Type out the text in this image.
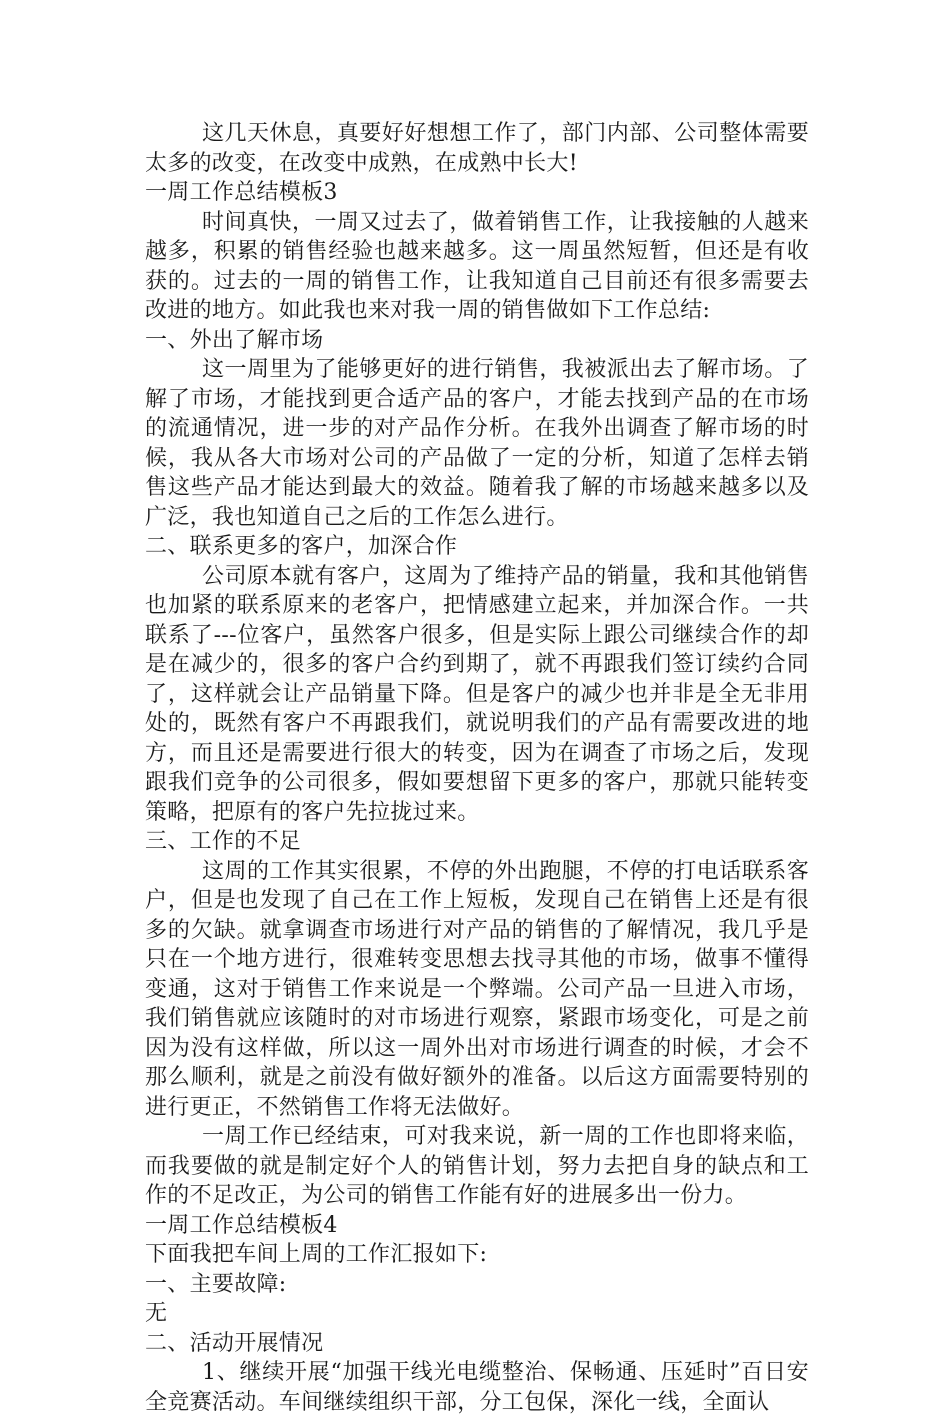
这几天休息，真要好好想想工作了，部门内部、公司整体需要太多的改变，在改变中成熟，在成熟中长大!

一周工作总结模板3

时间真快，一周又过去了，做着销售工作，让我接触的人越来越多，积累的销售经验也越来越多。这一周虽然短暂，但还是有收获的。过去的一周的销售工作，让我知道自己目前还有很多需要去改进的地方。如此我也来对我一周的销售做如下工作总结:

一、外出了解市场

这一周里为了能够更好的进行销售，我被派出去了解市场。了解了市场，才能找到更合适产品的客户，才能去找到产品的在市场的流通情况，进一步的对产品作分析。在我外出调查了解市场的时候，我从各大市场对公司的产品做了一定的分析，知道了怎样去销售这些产品才能达到最大的效益。随着我了解的市场越来越多以及广泛，我也知道自己之后的工作怎么进行。

二、联系更多的客户，加深合作

公司原本就有客户，这周为了维持产品的销量，我和其他销售也加紧的联系原来的老客户，把情感建立起来，并加深合作。一共联系了---位客户，虽然客户很多，但是实际上跟公司继续合作的却是在减少的，很多的客户合约到期了，就不再跟我们签订续约合同了，这样就会让产品销量下降。但是客户的减少也并非是全无非用处的，既然有客户不再跟我们，就说明我们的产品有需要改进的地方，而且还是需要进行很大的转变，因为在调查了市场之后，发现跟我们竞争的公司很多，假如要想留下更多的客户，那就只能转变策略，把原有的客户先拉拢过来。

三、工作的不足

这周的工作其实很累，不停的外出跑腿，不停的打电话联系客户，但是也发现了自己在工作上短板，发现自己在销售上还是有很多的欠缺。就拿调查市场进行对产品的销售的了解情况，我几乎是只在一个地方进行，很难转变思想去找寻其他的市场，做事不懂得变通，这对于销售工作来说是一个弊端。公司产品一旦进入市场，我们销售就应该随时的对市场进行观察，紧跟市场变化，可是之前因为没有这样做，所以这一周外出对市场进行调查的时候，才会不那么顺利，就是之前没有做好额外的准备。以后这方面需要特别的进行更正，不然销售工作将无法做好。

一周工作已经结束，可对我来说，新一周的工作也即将来临，而我要做的就是制定好个人的销售计划，努力去把自身的缺点和工作的不足改正，为公司的销售工作能有好的进展多出一份力。

一周工作总结模板4

下面我把车间上周的工作汇报如下:

一、主要故障:

无

二、活动开展情况

1、继续开展“加强干线光电缆整治、保畅通、压延时”百日安全竞赛活动。车间继续组织干部，分工包保，深化一线，全面认
